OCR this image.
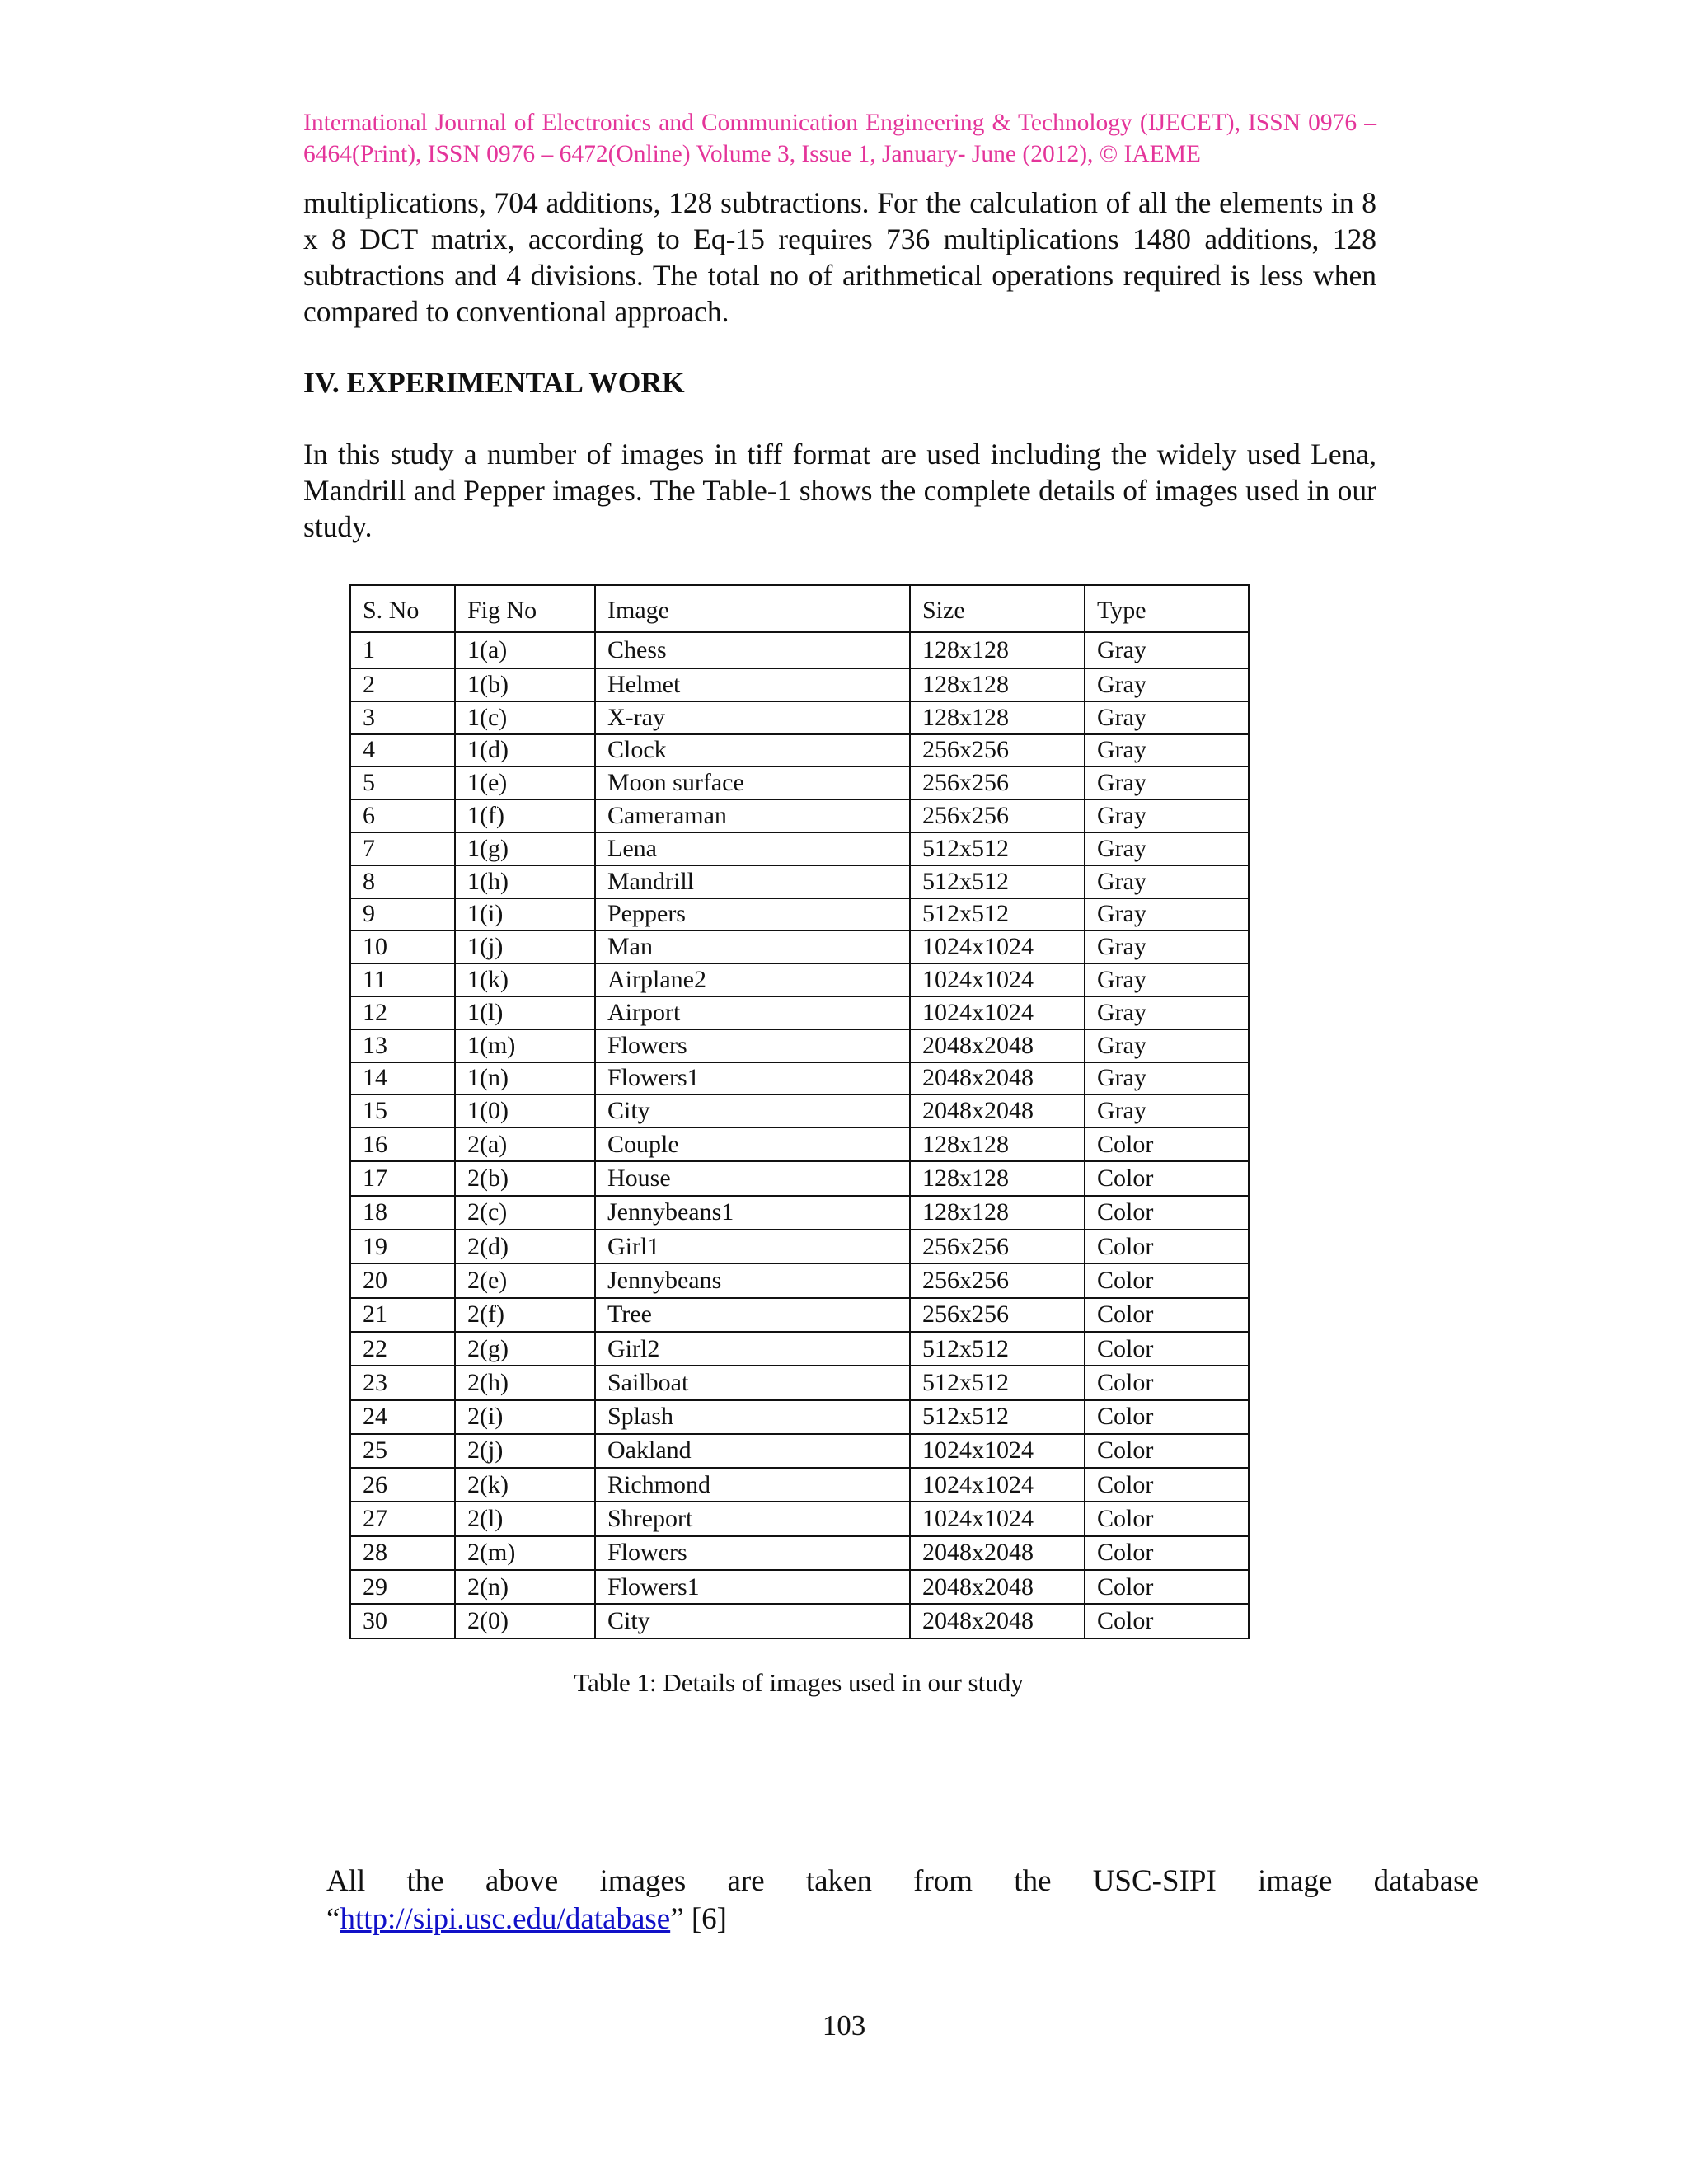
International Journal of Electronics and Communication Engineering & Technology (IJECET), ISSN 0976 – 6464(Print), ISSN 0976 – 6472(Online) Volume 3, Issue 1, January- June (2012), © IAEME

multiplications, 704 additions, 128 subtractions. For the calculation of all the elements in 8 x 8 DCT matrix, according to Eq-15 requires 736 multiplications 1480 additions, 128 subtractions and 4 divisions. The total no of arithmetical operations required is less when compared to conventional approach.

IV. EXPERIMENTAL WORK

In this study a number of images in tiff format are used including the widely used Lena, Mandrill and Pepper images. The Table-1 shows the complete details of images used in our study.

S. No	Fig No	Image	Size	Type
1	1(a)	Chess	128x128	Gray
2	1(b)	Helmet	128x128	Gray
3	1(c)	X-ray	128x128	Gray
4	1(d)	Clock	256x256	Gray
5	1(e)	Moon surface	256x256	Gray
6	1(f)	Cameraman	256x256	Gray
7	1(g)	Lena	512x512	Gray
8	1(h)	Mandrill	512x512	Gray
9	1(i)	Peppers	512x512	Gray
10	1(j)	Man	1024x1024	Gray
11	1(k)	Airplane2	1024x1024	Gray
12	1(l)	Airport	1024x1024	Gray
13	1(m)	Flowers	2048x2048	Gray
14	1(n)	Flowers1	2048x2048	Gray
15	1(0)	City	2048x2048	Gray
16	2(a)	Couple	128x128	Color
17	2(b)	House	128x128	Color
18	2(c)	Jennybeans1	128x128	Color
19	2(d)	Girl1	256x256	Color
20	2(e)	Jennybeans	256x256	Color
21	2(f)	Tree	256x256	Color
22	2(g)	Girl2	512x512	Color
23	2(h)	Sailboat	512x512	Color
24	2(i)	Splash	512x512	Color
25	2(j)	Oakland	1024x1024	Color
26	2(k)	Richmond	1024x1024	Color
27	2(l)	Shreport	1024x1024	Color
28	2(m)	Flowers	2048x2048	Color
29	2(n)	Flowers1	2048x2048	Color
30	2(0)	City	2048x2048	Color

Table 1: Details of images used in our study

All the above images are taken from the USC-SIPI image database
“http://sipi.usc.edu/database” [6]

103
